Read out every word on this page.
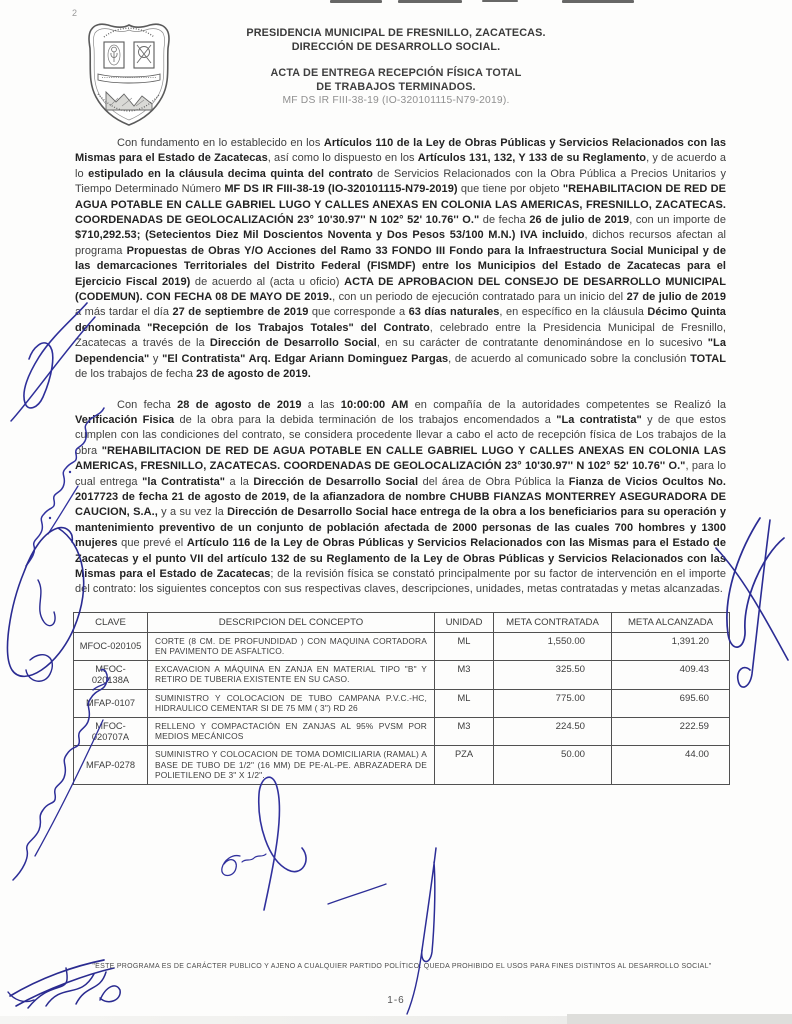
2
PRESIDENCIA MUNICIPAL DE FRESNILLO, ZACATECAS.
DIRECCIÓN DE DESARROLLO SOCIAL.
ACTA DE ENTREGA RECEPCIÓN FÍSICA TOTAL
DE TRABAJOS TERMINADOS.
MF DS IR FIII-38-19 (IO-320101115-N79-2019).

Con fundamento en lo establecido en los Artículos 110 de la Ley de Obras Públicas y Servicios Relacionados con las Mismas para el Estado de Zacatecas, así como lo dispuesto en los Artículos 131, 132, Y 133 de su Reglamento, y de acuerdo a lo estipulado en la cláusula decima quinta del contrato de Servicios Relacionados con la Obra Pública a Precios Unitarios y Tiempo Determinado Número MF DS IR FIII-38-19 (IO-320101115-N79-2019) que tiene por objeto "REHABILITACION DE RED DE AGUA POTABLE EN CALLE GABRIEL LUGO Y CALLES ANEXAS EN COLONIA LAS AMERICAS, FRESNILLO, ZACATECAS. COORDENADAS DE GEOLOCALIZACIÓN 23° 10'30.97'' N 102° 52' 10.76'' O." de fecha 26 de julio de 2019, con un importe de $710,292.53; (Setecientos Diez Mil Doscientos Noventa y Dos Pesos 53/100 M.N.) IVA incluido, dichos recursos afectan al programa Propuestas de Obras Y/O Acciones del Ramo 33 FONDO III Fondo para la Infraestructura Social Municipal y de las demarcaciones Territoriales del Distrito Federal (FISMDF) entre los Municipios del Estado de Zacatecas para el Ejercicio Fiscal 2019) de acuerdo al (acta u oficio) ACTA DE APROBACION DEL CONSEJO DE DESARROLLO MUNICIPAL (CODEMUN). CON FECHA 08 DE MAYO DE 2019., con un periodo de ejecución contratado para un inicio del 27 de julio de 2019 a más tardar el día 27 de septiembre de 2019 que corresponde a 63 días naturales, en específico en la cláusula Décimo Quinta denominada "Recepción de los Trabajos Totales" del Contrato, celebrado entre la Presidencia Municipal de Fresnillo, Zacatecas a través de la Dirección de Desarrollo Social, en su carácter de contratante denominándose en lo sucesivo "La Dependencia" y "El Contratista" Arq. Edgar Ariann Dominguez Pargas, de acuerdo al comunicado sobre la conclusión TOTAL de los trabajos de fecha 23 de agosto de 2019.

Con fecha 28 de agosto de 2019 a las 10:00:00 AM en compañía de la autoridades competentes se Realizó la Verificación Fisica de la obra para la debida terminación de los trabajos encomendados a "La contratista" y de que estos cumplen con las condiciones del contrato, se considera procedente llevar a cabo el acto de recepción física de Los trabajos de la obra "REHABILITACION DE RED DE AGUA POTABLE EN CALLE GABRIEL LUGO Y CALLES ANEXAS EN COLONIA LAS AMERICAS, FRESNILLO, ZACATECAS. COORDENADAS DE GEOLOCALIZACIÓN 23° 10'30.97'' N 102° 52' 10.76'' O.", para lo cual entrega "la Contratista" a la Dirección de Desarrollo Social del área de Obra Pública la Fianza de Vicios Ocultos No. 2017723 de fecha 21 de agosto de 2019, de la afianzadora de nombre CHUBB FIANZAS MONTERREY ASEGURADORA DE CAUCION, S.A., y a su vez la Dirección de Desarrollo Social hace entrega de la obra a los beneficiarios para su operación y mantenimiento preventivo de un conjunto de población afectada de 2000 personas de las cuales 700 hombres y 1300 mujeres que prevé el Artículo 116 de la Ley de Obras Públicas y Servicios Relacionados con las Mismas para el Estado de Zacatecas y el punto VII del artículo 132 de su Reglamento de la Ley de Obras Públicas y Servicios Relacionados con las Mismas para el Estado de Zacatecas; de la revisión física se constató principalmente por su factor de intervención en el importe del contrato: los siguientes conceptos con sus respectivas claves, descripciones, unidades, metas contratadas y metas alcanzadas.

CLAVE	DESCRIPCION DEL CONCEPTO	UNIDAD	META CONTRATADA	META ALCANZADA
MFOC-020105	CORTE (8 CM. DE PROFUNDIDAD ) CON MAQUINA CORTADORA EN PAVIMENTO DE ASFALTICO.	ML	1,550.00	1,391.20
MFOC-020138A	EXCAVACION A MÁQUINA EN ZANJA EN MATERIAL TIPO "B" Y RETIRO DE TUBERIA EXISTENTE EN SU CASO.	M3	325.50	409.43
MFAP-0107	SUMINISTRO Y COLOCACION DE TUBO CAMPANA P.V.C.-HC, HIDRAULICO CEMENTAR SI DE 75 MM ( 3") RD 26	ML	775.00	695.60
MFOC-020707A	RELLENO Y COMPACTACIÓN EN ZANJAS AL 95% PVSM POR MEDIOS MECÁNICOS	M3	224.50	222.59
MFAP-0278	SUMINISTRO Y COLOCACION DE TOMA DOMICILIARIA (RAMAL) A BASE DE TUBO DE 1/2" (16 MM) DE PE-AL-PE. ABRAZADERA DE POLIETILENO DE 3" X 1/2".	PZA	50.00	44.00
"ESTE PROGRAMA ES DE CARÁCTER PUBLICO Y AJENO A CUALQUIER PARTIDO POLÍTICO. QUEDA PROHIBIDO EL USOS PARA FINES DISTINTOS AL DESARROLLO SOCIAL"
1-6
